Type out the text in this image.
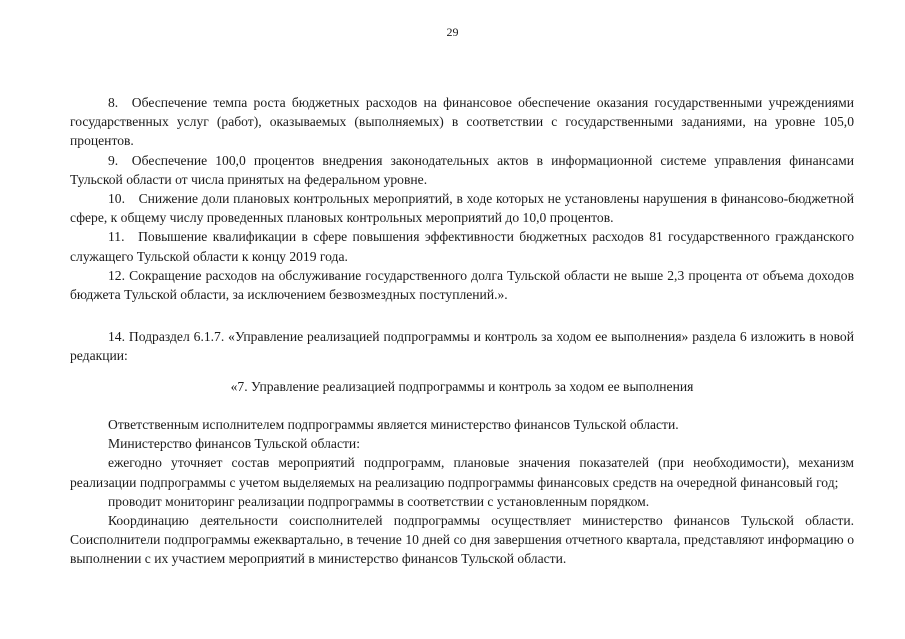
29

8. Обеспечение темпа роста бюджетных расходов на финансовое обеспечение оказания государственными учреждениями государственных услуг (работ), оказываемых (выполняемых) в соответствии с государственными заданиями, на уровне 105,0 процентов.

9. Обеспечение 100,0 процентов внедрения законодательных актов в информационной системе управления финансами Тульской области от числа принятых на федеральном уровне.

10. Снижение доли плановых контрольных мероприятий, в ходе которых не установлены нарушения в финансово-бюджетной сфере, к общему числу проведенных плановых контрольных мероприятий до 10,0 процентов.

11. Повышение квалификации в сфере повышения эффективности бюджетных расходов 81 государственного гражданского служащего Тульской области к концу 2019 года.

12. Сокращение расходов на обслуживание государственного долга Тульской области не выше 2,3 процента от объема доходов бюджета Тульской области, за исключением безвозмездных поступлений.».

14. Подраздел 6.1.7. «Управление реализацией подпрограммы и контроль за ходом ее выполнения» раздела 6 изложить в новой редакции:

«7. Управление реализацией подпрограммы и контроль за ходом ее выполнения

Ответственным исполнителем подпрограммы является министерство финансов Тульской области.

Министерство финансов Тульской области:

ежегодно уточняет состав мероприятий подпрограмм, плановые значения показателей (при необходимости), механизм реализации подпрограммы с учетом выделяемых на реализацию подпрограммы финансовых средств на очередной финансовый год;

проводит мониторинг реализации подпрограммы в соответствии с установленным порядком.

Координацию деятельности соисполнителей подпрограммы осуществляет министерство финансов Тульской области. Соисполнители подпрограммы ежеквартально, в течение 10 дней со дня завершения отчетного квартала, представляют информацию о выполнении с их участием мероприятий в министерство финансов Тульской области.
